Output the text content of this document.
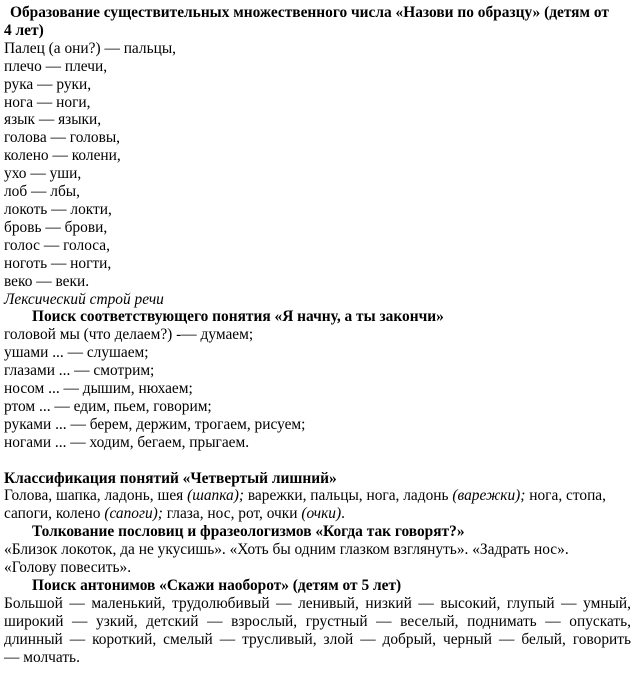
Образование существительных множественного числа «Назови по образцу» (детям от
4 лет)
Палец (а они?) — пальцы,
плечо — плечи,
рука — руки,
нога — ноги,
язык — языки,
голова — головы,
колено — колени,
ухо — уши,
лоб — лбы,
локоть — локти,
бровь — брови,
голос — голоса,
ноготь — ногти,
веко — веки.
Лексический строй речи
Поиск соответствующего понятия «Я начну, а ты закончи»
головой мы (что делаем?) -— думаем;
ушами ... — слушаем;
глазами ... — смотрим;
носом ... — дышим, нюхаем;
ртом ... — едим, пьем, говорим;
руками ... — берем, держим, трогаем, рисуем;
ногами ... — ходим, бегаем, прыгаем.
Классификация понятий «Четвертый лишний»
Голова, шапка, ладонь, шея (шапка); варежки, пальцы, нога, ладонь (варежки); нога, стопа,
сапоги, колено (сапоги); глаза, нос, рот, очки (очки).
Толкование пословиц и фразеологизмов «Когда так говорят?»
«Близок локоток, да не укусишь». «Хоть бы одним глазком взглянуть». «Задрать нос».
«Голову повесить».
Поиск антонимов «Скажи наоборот» (детям от 5 лет)
Большой — маленький, трудолюбивый — ленивый, низкий — высокий, глупый — умный,
широкий — узкий, детский — взрослый, грустный — веселый, поднимать — опускать,
длинный — короткий, смелый — трусливый, злой — добрый, черный — белый, говорить
— молчать.
